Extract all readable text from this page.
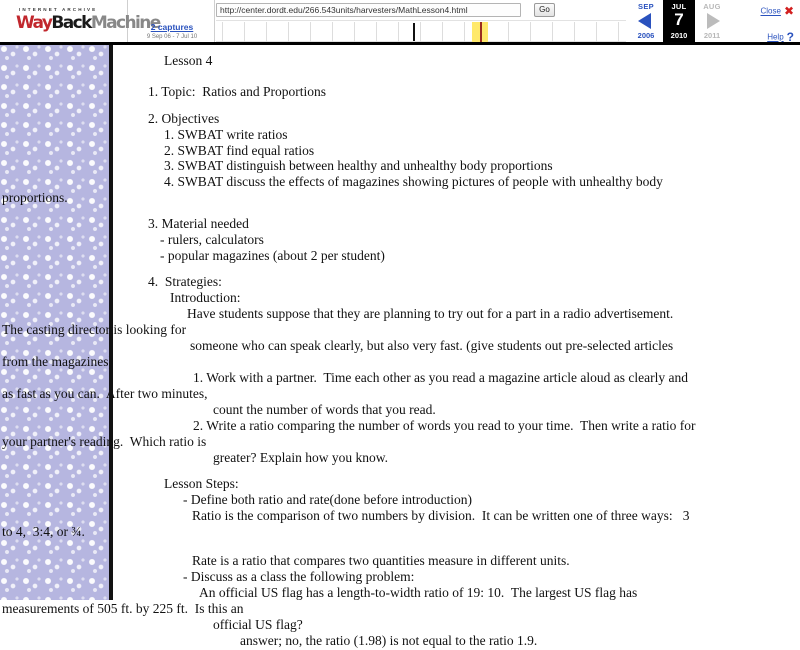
INTERNET ARCHIVE
WayBackMachine
2 captures
9 Sep 06 - 7 Jul 10
http://center.dordt.edu/266.543units/harvesters/MathLesson4.html
Go	SEP
2006
JUL
7
2010
AUG
2011
Close ✖
Help ?
Lesson 4
1. Topic:  Ratios and Proportions
2. Objectives
1. SWBAT write ratios
2. SWBAT find equal ratios
3. SWBAT distinguish between healthy and unhealthy body proportions
4. SWBAT discuss the effects of magazines showing pictures of people with unhealthy body
proportions.
3. Material needed
- rulers, calculators
- popular magazines (about 2 per student)
4.  Strategies:
Introduction:
Have students suppose that they are planning to try out for a part in a radio advertisement.
The casting director is looking for
someone who can speak clearly, but also very fast. (give students out pre-selected articles
from the magazines)
1. Work with a partner.  Time each other as you read a magazine article aloud as clearly and
as fast as you can.  After two minutes,
count the number of words that you read.
2. Write a ratio comparing the number of words you read to your time.  Then write a ratio for
your partner's reading.  Which ratio is
greater? Explain how you know.
Lesson Steps:
- Define both ratio and rate(done before introduction)
Ratio is the comparison of two numbers by division.  It can be written one of three ways:   3
to 4,  3:4, or ¾.
Rate is a ratio that compares two quantities measure in different units.
- Discuss as a class the following problem:
An official US flag has a length-to-width ratio of 19: 10.  The largest US flag has
measurements of 505 ft. by 225 ft.  Is this an
official US flag?
answer; no, the ratio (1.98) is not equal to the ratio 1.9.
